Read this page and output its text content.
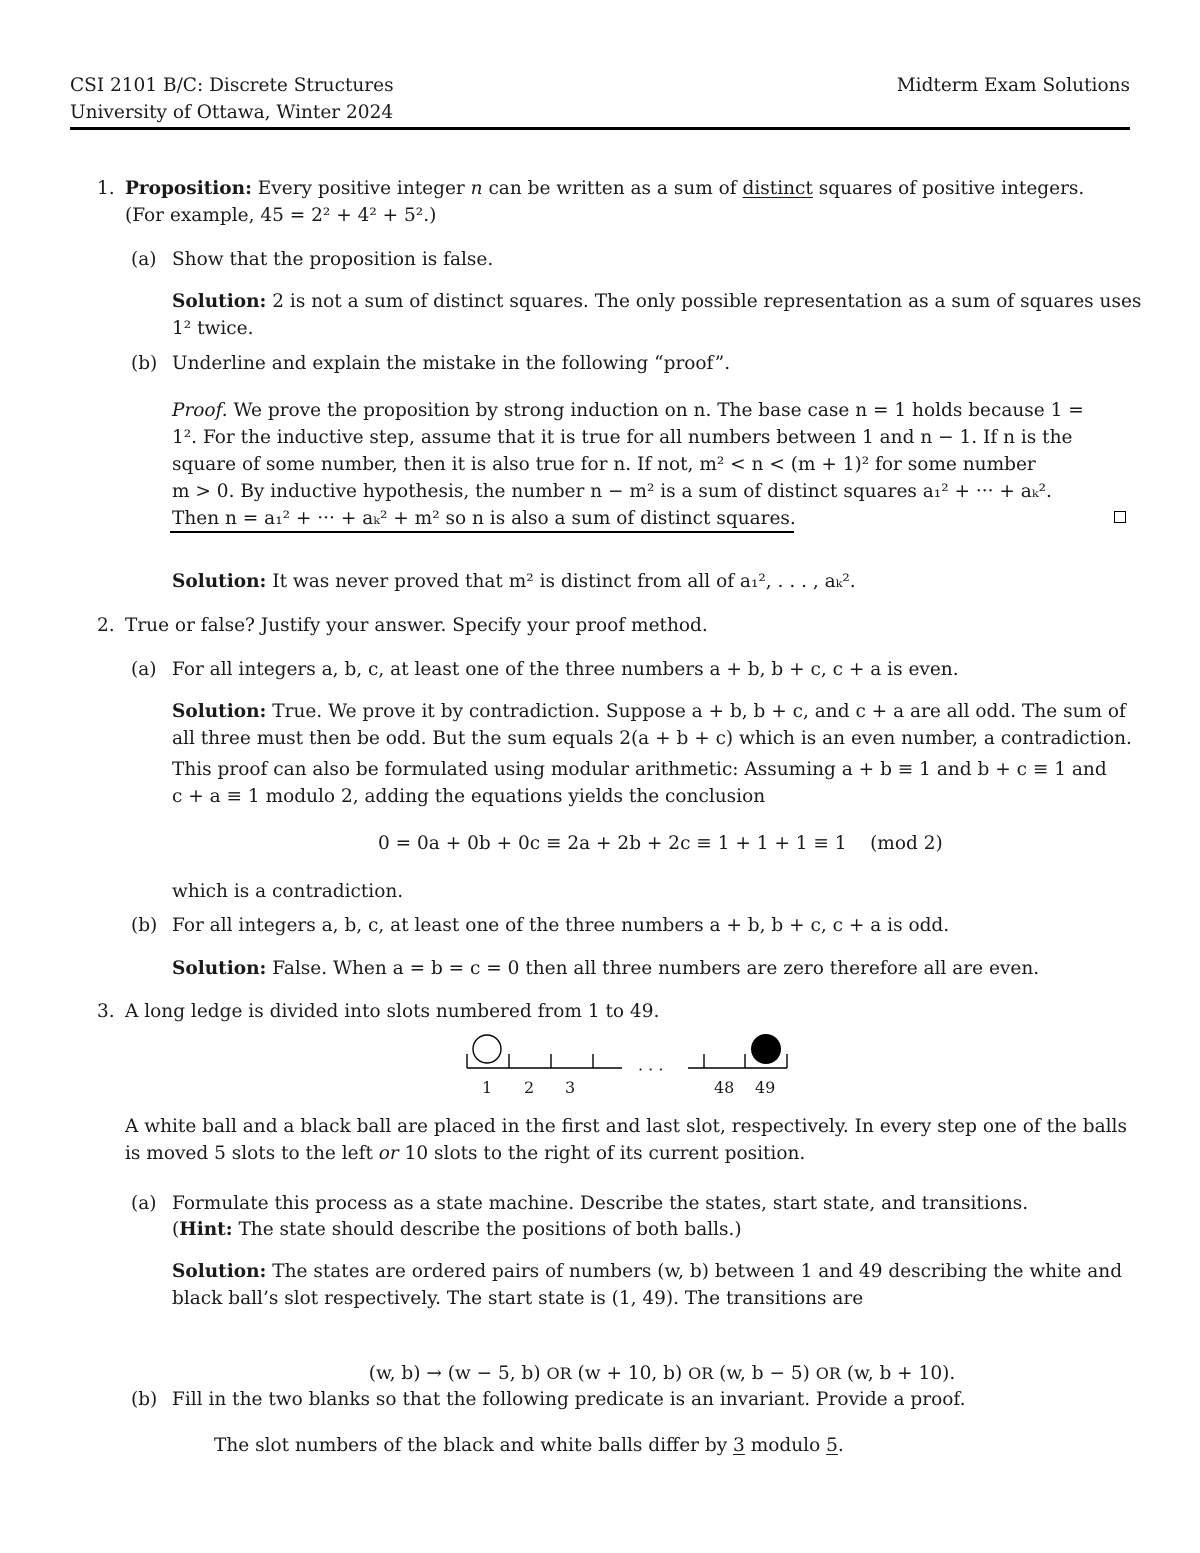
CSI 2101 B/C: Discrete Structures
University of Ottawa, Winter 2024
Midterm Exam Solutions
1. Proposition: Every positive integer n can be written as a sum of distinct squares of positive integers.
(For example, 45 = 2² + 4² + 5².)
(a) Show that the proposition is false.
Solution: 2 is not a sum of distinct squares. The only possible representation as a sum of squares uses
1² twice.
(b) Underline and explain the mistake in the following “proof”.
Proof. We prove the proposition by strong induction on n. The base case n = 1 holds because 1 =
1². For the inductive step, assume that it is true for all numbers between 1 and n − 1. If n is the
square of some number, then it is also true for n. If not, m² < n < (m + 1)² for some number
m > 0. By inductive hypothesis, the number n − m² is a sum of distinct squares a₁² + ··· + aₖ².
Then n = a₁² + ··· + aₖ² + m² so n is also a sum of distinct squares.
Solution: It was never proved that m² is distinct from all of a₁², . . . , aₖ².
2. True or false? Justify your answer. Specify your proof method.
(a) For all integers a, b, c, at least one of the three numbers a + b, b + c, c + a is even.
Solution: True. We prove it by contradiction. Suppose a + b, b + c, and c + a are all odd. The sum of
all three must then be odd. But the sum equals 2(a + b + c) which is an even number, a contradiction.
This proof can also be formulated using modular arithmetic: Assuming a + b ≡ 1 and b + c ≡ 1 and
c + a ≡ 1 modulo 2, adding the equations yields the conclusion
0 = 0a + 0b + 0c ≡ 2a + 2b + 2c ≡ 1 + 1 + 1 ≡ 1    (mod 2)
which is a contradiction.
(b) For all integers a, b, c, at least one of the three numbers a + b, b + c, c + a is odd.
Solution: False. When a = b = c = 0 then all three numbers are zero therefore all are even.
3. A long ledge is divided into slots numbered from 1 to 49.
· · ·
1 2 3	48 49
A white ball and a black ball are placed in the first and last slot, respectively. In every step one of the balls
is moved 5 slots to the left or 10 slots to the right of its current position.
(a) Formulate this process as a state machine. Describe the states, start state, and transitions.
(Hint: The state should describe the positions of both balls.)
Solution: The states are ordered pairs of numbers (w, b) between 1 and 49 describing the white and
black ball’s slot respectively. The start state is (1, 49). The transitions are

(w, b) → (w − 5, b) OR (w + 10, b) OR (w, b − 5) OR (w, b + 10).

(b) Fill in the two blanks so that the following predicate is an invariant. Provide a proof.
The slot numbers of the black and white balls differ by 3 modulo 5.
